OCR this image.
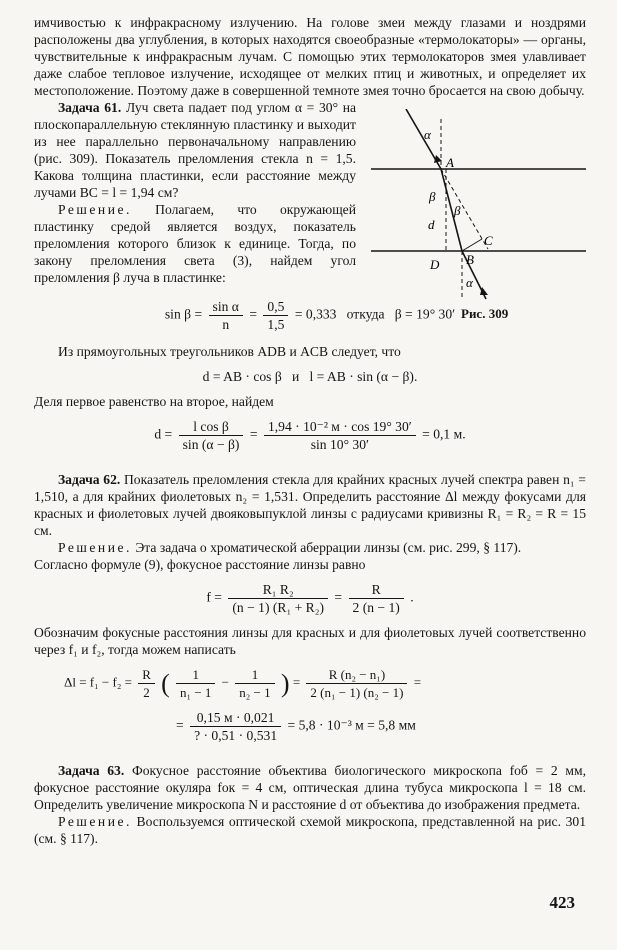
имчивостью к инфракрасному излучению. На голове змеи между глазами и ноздрями расположены два углубления, в которых находятся своеобразные «термолокаторы» — органы, чувствительные к инфракрасным лучам. С помощью этих термолокаторов змея улавливает даже слабое тепловое излучение, исходящее от мелких птиц и животных, и определяет их местоположение. Поэтому даже в совершенной темноте змея точно бросается на свою добычу.

α
A
β
β
d
B
C
D
α
Рис. 309

Задача 61. Луч света падает под углом α = 30° на плоскопараллельную стеклянную пластинку и выходит из нее параллельно первоначальному направлению (рис. 309). Показатель преломления стекла n = 1,5. Какова толщина пластинки, если расстояние между лучами BC = l = 1,94 см?

Решение. Полагаем, что окружающей пластинку средой является воздух, показатель преломления которого близок к единице. Тогда, по закону преломления света (3), найдем угол преломления β луча в пластинке:

$\sin \beta = \frac{\text{sin α}}{n} = \frac{0,5}{1,5} = 0,333$   откуда   β = 19° 30′

Из прямоугольных треугольников ADB и ACB следует, что

d = AB · cos β   и   l = AB · sin (α − β).

Деля первое равенство на второе, найдем

$d = \frac{\text{l cos β}}{\sin (\alpha - \beta)} = \frac{\text{1,94 · 10⁻² м · cos 19° 30′}}{\sin 10^\circ 30'} = 0,1$ м.

Задача 62. Показатель преломления стекла для крайних красных лучей спектра равен n₁ = 1,510, а для крайних фиолетовых n₂ = 1,531. Определить расстояние Δl между фокусами для красных и фиолетовых лучей двояковыпуклой линзы с радиусами кривизны R₁ = R₂ = R = 15 см.

Решение. Эта задача о хроматической аберрации линзы (см. рис. 299, § 117).

Согласно формуле (9), фокусное расстояние линзы равно

$f = \frac{\text{R₁ R₂}}{\text{(n − 1) (R₁ + R₂)}} = \frac{R}{2 (n - 1)}$ .

Обозначим фокусные расстояния линзы для красных и для фиолетовых лучей соответственно через f₁ и f₂, тогда можем написать

$\Delta l = f_1 - f_2 = \frac{R}{2}$ ( $\frac{1}{\text{n₁ − 1}} - \frac{1}{\text{n₂ − 1}}$ ) = $\frac{\text{R (n₂ − n₁)}}{\text{2 (n₁ − 1) (n₂ − 1)}}$ =
= $\frac{0,15 м \cdot 0,021}{? \cdot 0,51 \cdot 0,531} = 5,8 \cdot 10^{-3}$ м = 5,8 мм

Задача 63. Фокусное расстояние объектива биологического микроскопа fоб = 2 мм, фокусное расстояние окуляра fок = 4 см, оптическая длина тубуса микроскопа l = 18 см. Определить увеличение микроскопа N и расстояние d от объектива до изображения предмета.

Решение. Воспользуемся оптической схемой микроскопа, представленной на рис. 301 (см. § 117).

423
